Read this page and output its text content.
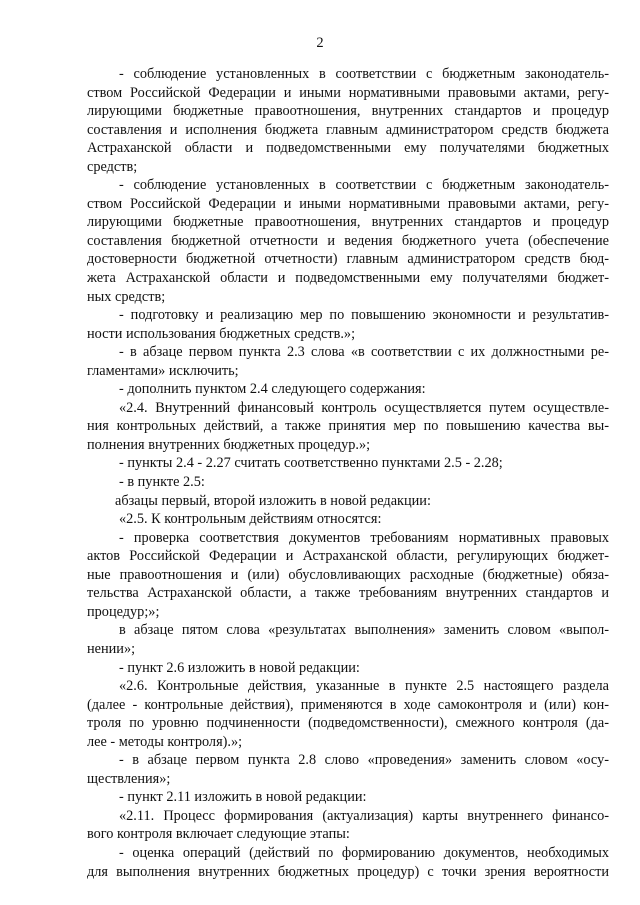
2
- соблюдение установленных в соответствии с бюджетным законодатель-
ством Российской Федерации и иными нормативными правовыми актами, регу-
лирующими бюджетные правоотношения, внутренних стандартов и процедур
составления и исполнения бюджета главным администратором средств бюджета
Астраханской области и подведомственными ему получателями бюджетных
средств;
- соблюдение установленных в соответствии с бюджетным законодатель-
ством Российской Федерации и иными нормативными правовыми актами, регу-
лирующими бюджетные правоотношения, внутренних стандартов и процедур
составления бюджетной отчетности и ведения бюджетного учета (обеспечение
достоверности бюджетной отчетности) главным администратором средств бюд-
жета Астраханской области и подведомственными ему получателями бюджет-
ных средств;
- подготовку и реализацию мер по повышению экономности и результатив-
ности использования бюджетных средств.»;
- в абзаце первом пункта 2.3 слова «в соответствии с их должностными ре-
гламентами» исключить;
- дополнить пунктом 2.4 следующего содержания:
«2.4. Внутренний финансовый контроль осуществляется путем осуществле-
ния контрольных действий, а также принятия мер по повышению качества вы-
полнения внутренних бюджетных процедур.»;
- пункты 2.4 - 2.27 считать соответственно пунктами 2.5 - 2.28;
- в пункте 2.5:
абзацы первый, второй изложить в новой редакции:
«2.5. К контрольным действиям относятся:
- проверка соответствия документов требованиям нормативных правовых
актов Российской Федерации и Астраханской области, регулирующих бюджет-
ные правоотношения и (или) обусловливающих расходные (бюджетные) обяза-
тельства Астраханской области, а также требованиям внутренних стандартов и
процедур;»;
в абзаце пятом слова «результатах выполнения» заменить словом «выпол-
нении»;
- пункт 2.6 изложить в новой редакции:
«2.6. Контрольные действия, указанные в пункте 2.5 настоящего раздела
(далее - контрольные действия), применяются в ходе самоконтроля и (или) кон-
троля по уровню подчиненности (подведомственности), смежного контроля (да-
лее - методы контроля).»;
- в абзаце первом пункта 2.8 слово «проведения» заменить словом «осу-
ществления»;
- пункт 2.11 изложить в новой редакции:
«2.11. Процесс формирования (актуализация) карты внутреннего финансо-
вого контроля включает следующие этапы:
- оценка операций (действий по формированию документов, необходимых
для выполнения внутренних бюджетных процедур) с точки зрения вероятности
